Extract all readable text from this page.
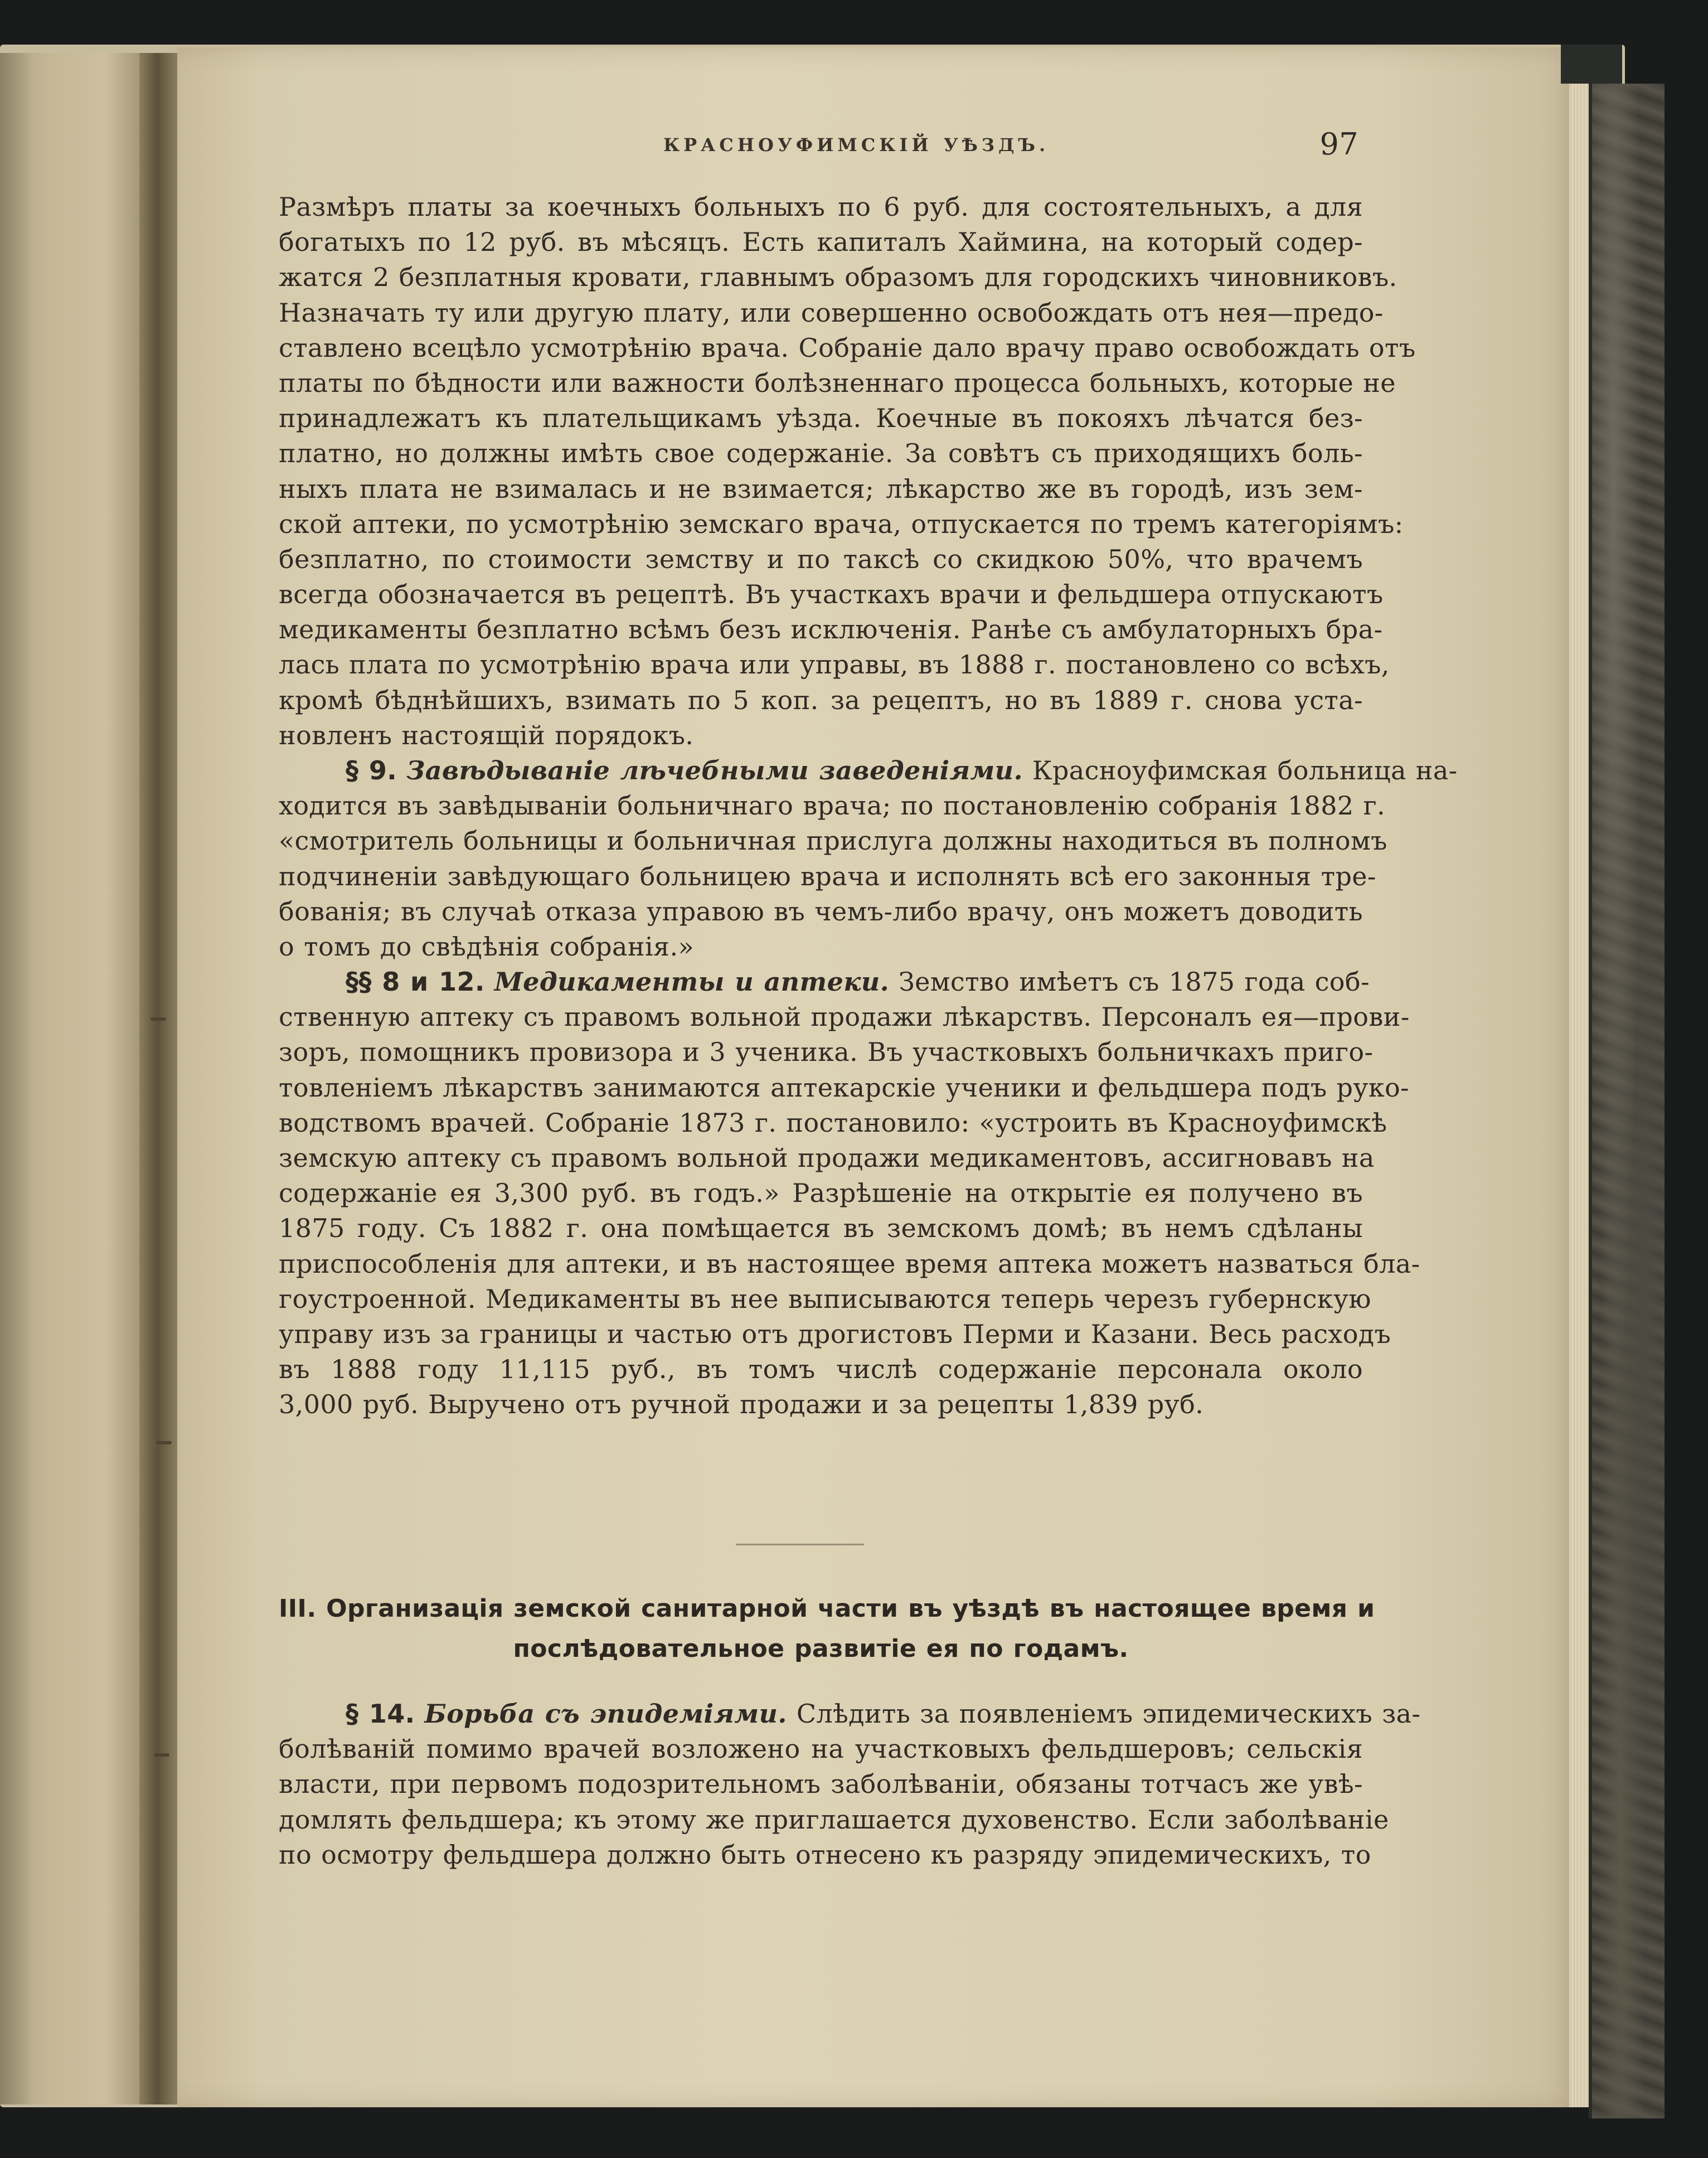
КРАСНОУФИМСКІЙ УѢЗДЪ.	97
Размѣръ платы за коечныхъ больныхъ по 6 руб. для состоятельныхъ, а для
богатыхъ по 12 руб. въ мѣсяцъ. Есть капиталъ Хаймина, на который содер-
жатся 2 безплатныя кровати, главнымъ образомъ для городскихъ чиновниковъ.
Назначать ту или другую плату, или совершенно освобождать отъ нея—предо-
ставлено всецѣло усмотрѣнію врача. Собраніе дало врачу право освобождать отъ
платы по бѣдности или важности болѣзненнаго процесса больныхъ, которые не
принадлежатъ къ плательщикамъ уѣзда. Коечные въ покояхъ лѣчатся без-
платно, но должны имѣть свое содержаніе. За совѣтъ съ приходящихъ боль-
ныхъ плата не взималась и не взимается; лѣкарство же въ городѣ, изъ зем-
ской аптеки, по усмотрѣнію земскаго врача, отпускается по тремъ категоріямъ:
безплатно, по стоимости земству и по таксѣ со скидкою 50%, что врачемъ
всегда обозначается въ рецептѣ. Въ участкахъ врачи и фельдшера отпускаютъ
медикаменты безплатно всѣмъ безъ исключенія. Ранѣе съ амбулаторныхъ бра-
лась плата по усмотрѣнію врача или управы, въ 1888 г. постановлено со всѣхъ,
кромѣ бѣднѣйшихъ, взимать по 5 коп. за рецептъ, но въ 1889 г. снова уста-
новленъ настоящій порядокъ.
§ 9. Завѣдываніе лѣчебными заведеніями. Красноуфимская больница на-
ходится въ завѣдываніи больничнаго врача; по постановленію собранія 1882 г.
«смотритель больницы и больничная прислуга должны находиться въ полномъ
подчиненіи завѣдующаго больницею врача и исполнять всѣ его законныя тре-
бованія; въ случаѣ отказа управою въ чемъ-либо врачу, онъ можетъ доводить
о томъ до свѣдѣнія собранія.»
§§ 8 и 12. Медикаменты и аптеки. Земство имѣетъ съ 1875 года соб-
ственную аптеку съ правомъ вольной продажи лѣкарствъ. Персоналъ ея—прови-
зоръ, помощникъ провизора и 3 ученика. Въ участковыхъ больничкахъ приго-
товленіемъ лѣкарствъ занимаются аптекарскіе ученики и фельдшера подъ руко-
водствомъ врачей. Собраніе 1873 г. постановило: «устроить въ Красноуфимскѣ
земскую аптеку съ правомъ вольной продажи медикаментовъ, ассигновавъ на
содержаніе ея 3,300 руб. въ годъ.» Разрѣшеніе на открытіе ея получено въ
1875 году. Съ 1882 г. она помѣщается въ земскомъ домѣ; въ немъ сдѣланы
приспособленія для аптеки, и въ настоящее время аптека можетъ назваться бла-
гоустроенной. Медикаменты въ нее выписываются теперь черезъ губернскую
управу изъ за границы и частью отъ дрогистовъ Перми и Казани. Весь расходъ
въ 1888 году 11,115 руб., въ томъ числѣ содержаніе персонала около
3,000 руб. Выручено отъ ручной продажи и за рецепты 1,839 руб.
III. Организація земской санитарной части въ уѣздѣ въ настоящее время и
послѣдовательное развитіе ея по годамъ.
§ 14. Борьба съ эпидеміями. Слѣдить за появленіемъ эпидемическихъ за-
болѣваній помимо врачей возложено на участковыхъ фельдшеровъ; сельскія
власти, при первомъ подозрительномъ заболѣваніи, обязаны тотчасъ же увѣ-
домлять фельдшера; къ этому же приглашается духовенство. Если заболѣваніе
по осмотру фельдшера должно быть отнесено къ разряду эпидемическихъ, то
